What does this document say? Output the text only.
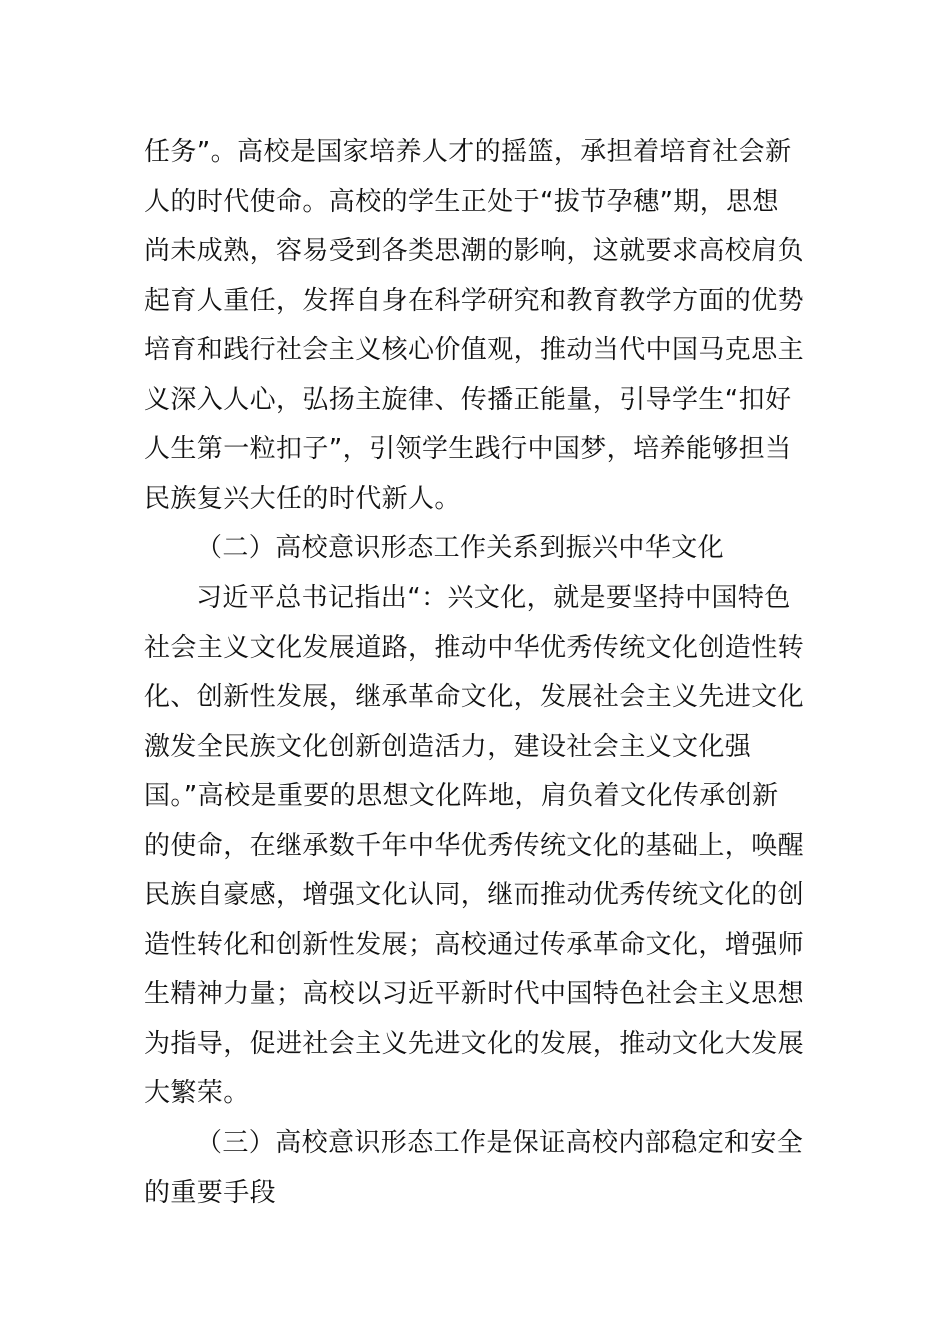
任务”。高校是国家培养人才的摇篮，承担着培育社会新
人的时代使命。高校的学生正处于“拔节孕穗”期，思想
尚未成熟，容易受到各类思潮的影响，这就要求高校肩负
起育人重任，发挥自身在科学研究和教育教学方面的优势
培育和践行社会主义核心价值观，推动当代中国马克思主
义深入人心，弘扬主旋律、传播正能量，引导学生“扣好
人生第一粒扣子”，引领学生践行中国梦，培养能够担当
民族复兴大任的时代新人。
（二）高校意识形态工作关系到振兴中华文化
习近平总书记指出“：兴文化，就是要坚持中国特色
社会主义文化发展道路，推动中华优秀传统文化创造性转
化、创新性发展，继承革命文化，发展社会主义先进文化
激发全民族文化创新创造活力，建设社会主义文化强
国。”高校是重要的思想文化阵地，肩负着文化传承创新
的使命，在继承数千年中华优秀传统文化的基础上，唤醒
民族自豪感，增强文化认同，继而推动优秀传统文化的创
造性转化和创新性发展；高校通过传承革命文化，增强师
生精神力量；高校以习近平新时代中国特色社会主义思想
为指导，促进社会主义先进文化的发展，推动文化大发展
大繁荣。
（三）高校意识形态工作是保证高校内部稳定和安全
的重要手段
